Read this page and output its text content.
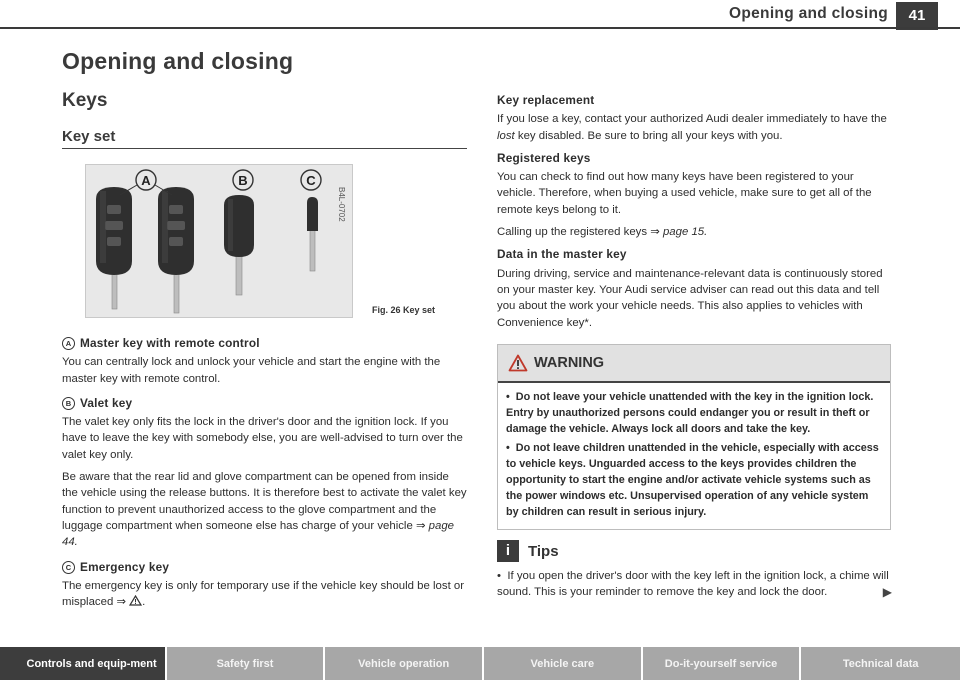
Opening and closing	41
Opening and closing
Keys
Key set
A	B	C
B4L-0702
Fig. 26 Key set
A Master key with remote control

You can centrally lock and unlock your vehicle and start the engine with the master key with remote control.

B Valet key

The valet key only fits the lock in the driver's door and the ignition lock. If you have to leave the key with somebody else, you are well-advised to turn over the valet key only.

Be aware that the rear lid and glove compartment can be opened from inside the vehicle using the release buttons. It is therefore best to activate the valet key function to prevent unauthorized access to the glove compartment and the luggage compartment when someone else has charge of your vehicle ⇒ page 44.

C Emergency key

The emergency key is only for temporary use if the vehicle key should be lost or misplaced ⇒ .

Key replacement

If you lose a key, contact your authorized Audi dealer immediately to have the lost key disabled. Be sure to bring all your keys with you.

Registered keys

You can check to find out how many keys have been registered to your vehicle. Therefore, when buying a used vehicle, make sure to get all of the remote keys belong to it.

Calling up the registered keys ⇒ page 15.

Data in the master key

During driving, service and maintenance-relevant data is continuously stored on your master key. Your Audi service adviser can read out this data and tell you about the work your vehicle needs. This also applies to vehicles with Convenience key*.

WARNING

•  Do not leave your vehicle unattended with the key in the ignition lock. Entry by unauthorized persons could endanger you or result in theft or damage the vehicle. Always lock all doors and take the key.

•  Do not leave children unattended in the vehicle, especially with access to vehicle keys. Unguarded access to the keys provides children the opportunity to start the engine and/or activate vehicle systems such as the power windows etc. Unsupervised operation of any vehicle system by children can result in serious injury.

i	Tips

•  If you open the driver's door with the key left in the ignition lock, a chime will sound. This is your reminder to remove the key and lock the door.	▶

Controls and equip-ment	Safety first	Vehicle operation	Vehicle care	Do-it-yourself service	Technical data
